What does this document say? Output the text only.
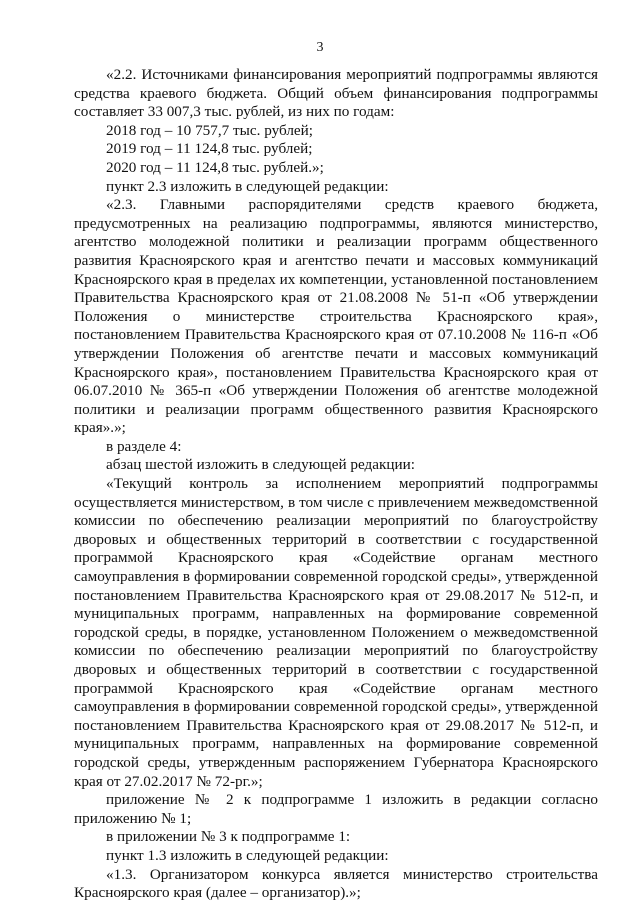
3

«2.2. Источниками финансирования мероприятий подпрограммы являются средства краевого бюджета. Общий объем финансирования подпрограммы составляет 33 007,3 тыс. рублей, из них по годам:

2018 год – 10 757,7 тыс. рублей;

2019 год – 11 124,8 тыс. рублей;

2020 год – 11 124,8 тыс. рублей.»;

пункт 2.3 изложить в следующей редакции:

«2.3. Главными распорядителями средств краевого бюджета, предусмотренных на реализацию подпрограммы, являются министерство, агентство молодежной политики и реализации программ общественного развития Красноярского края и агентство печати и массовых коммуникаций Красноярского края в пределах их компетенции, установленной постановлением Правительства Красноярского края от 21.08.2008 № 51-п «Об утверждении Положения о министерстве строительства Красноярского края», постановлением Правительства Красноярского края от 07.10.2008 № 116-п «Об утверждении Положения об агентстве печати и массовых коммуникаций Красноярского края», постановлением Правительства Красноярского края от 06.07.2010 № 365-п «Об утверждении Положения об агентстве молодежной политики и реализации программ общественного развития Красноярского края».»;

в разделе 4:

абзац шестой изложить в следующей редакции:

«Текущий контроль за исполнением мероприятий подпрограммы осуществляется министерством, в том числе с привлечением межведомственной комиссии по обеспечению реализации мероприятий по благоустройству дворовых и общественных территорий в соответствии с государственной программой Красноярского края «Содействие органам местного самоуправления в формировании современной городской среды», утвержденной постановлением Правительства Красноярского края от 29.08.2017 № 512-п, и муниципальных программ, направленных на формирование современной городской среды, в порядке, установленном Положением о межведомственной комиссии по обеспечению реализации мероприятий по благоустройству дворовых и общественных территорий в соответствии с государственной программой Красноярского края «Содействие органам местного самоуправления в формировании современной городской среды», утвержденной постановлением Правительства Красноярского края от 29.08.2017 № 512-п, и муниципальных программ, направленных на формирование современной городской среды, утвержденным распоряжением Губернатора Красноярского края от 27.02.2017 № 72-рг.»;

приложение № 2 к подпрограмме 1 изложить в редакции согласно приложению № 1;

в приложении № 3 к подпрограмме 1:

пункт 1.3 изложить в следующей редакции:

«1.3. Организатором конкурса является министерство строительства Красноярского края (далее – организатор).»;
